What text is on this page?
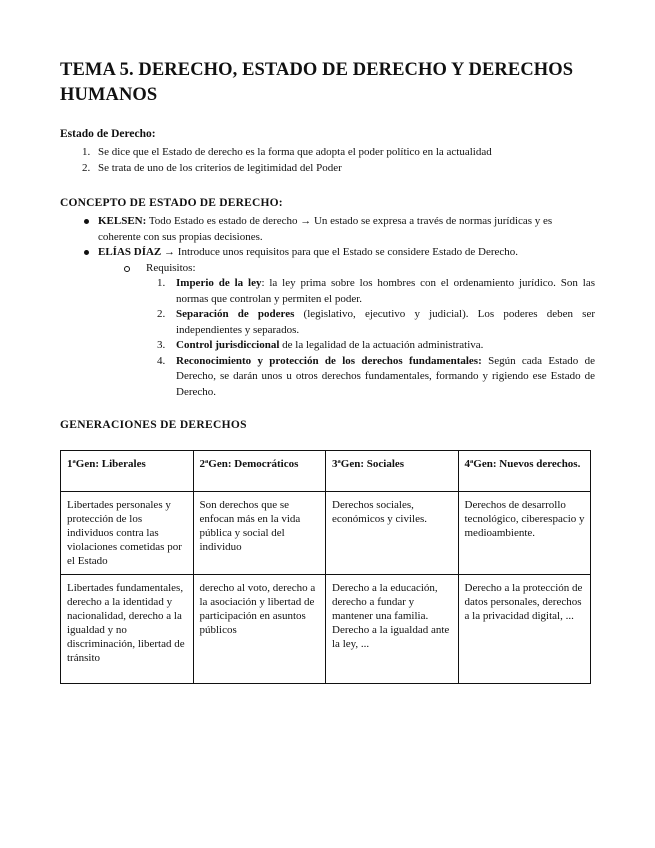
TEMA 5. DERECHO, ESTADO DE DERECHO Y DERECHOS HUMANOS
Estado de Derecho:
1. Se dice que el Estado de derecho es la forma que adopta el poder político en la actualidad
2. Se trata de uno de los criterios de legitimidad del Poder
CONCEPTO DE ESTADO DE DERECHO:
KELSEN: Todo Estado es estado de derecho → Un estado se expresa a través de normas jurídicas y es coherente con sus propias decisiones.
ELÍAS DÍAZ → Introduce unos requisitos para que el Estado se considere Estado de Derecho.
Requisitos:
1. Imperio de la ley: la ley prima sobre los hombres con el ordenamiento jurídico. Son las normas que controlan y permiten el poder.
2. Separación de poderes (legislativo, ejecutivo y judicial). Los poderes deben ser independientes y separados.
3. Control jurisdiccional de la legalidad de la actuación administrativa.
4. Reconocimiento y protección de los derechos fundamentales: Según cada Estado de Derecho, se darán unos u otros derechos fundamentales, formando y rigiendo ese Estado de Derecho.
GENERACIONES DE DERECHOS
1ªGen: Liberales	2ªGen: Democráticos	3ªGen: Sociales	4ªGen: Nuevos derechos.
Libertades personales y protección de los individuos contra las violaciones cometidas por el Estado	Son derechos que se enfocan más en la vida pública y social del individuo	Derechos sociales, económicos y civiles.	Derechos de desarrollo tecnológico, ciberespacio y medioambiente.
Libertades fundamentales, derecho a la identidad y nacionalidad, derecho a la igualdad y no discriminación, libertad de tránsito	derecho al voto, derecho a la asociación y libertad de participación en asuntos públicos	Derecho a la educación, derecho a fundar y mantener una familia. Derecho a la igualdad ante la ley, ...	Derecho a la protección de datos personales, derechos a la privacidad digital, ...
